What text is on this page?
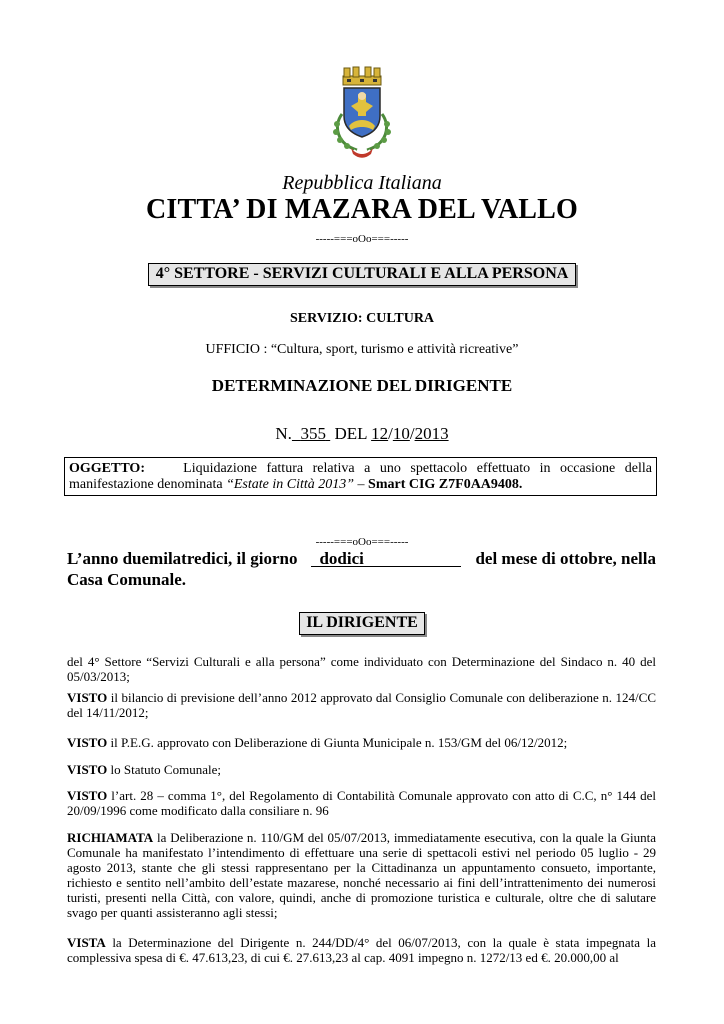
Repubblica Italiana
CITTA’ DI MAZARA DEL VALLO
-----===oOo===-----
4° SETTORE - SERVIZI CULTURALI E ALLA PERSONA
SERVIZIO: CULTURA
UFFICIO : “Cultura, sport, turismo e attività ricreative”
DETERMINAZIONE DEL DIRIGENTE
N. 355 DEL 12/10/2013
OGGETTO:	Liquidazione fattura relativa a uno spettacolo effettuato in occasione della manifestazione denominata “Estate in Città 2013” – Smart CIG Z7F0AA9408.
-----===oOo===-----
L’anno duemilatredici, il giorno	dodici	del mese di ottobre, nella
Casa Comunale.
IL DIRIGENTE
del 4° Settore “Servizi Culturali e alla persona” come individuato con Determinazione del Sindaco n. 40 del 05/03/2013;
VISTO il bilancio di previsione dell’anno 2012 approvato dal Consiglio Comunale con deliberazione n. 124/CC del 14/11/2012;
VISTO il P.E.G. approvato con Deliberazione di Giunta Municipale n. 153/GM del 06/12/2012;
VISTO lo Statuto Comunale;
VISTO l’art. 28 – comma 1°, del Regolamento di Contabilità Comunale approvato con atto di C.C, n° 144 del 20/09/1996 come modificato dalla consiliare n. 96
RICHIAMATA la Deliberazione n. 110/GM del 05/07/2013, immediatamente esecutiva, con la quale la Giunta Comunale ha manifestato l’intendimento di effettuare una serie di spettacoli estivi nel periodo 05 luglio - 29 agosto 2013, stante che gli stessi rappresentano per la Cittadinanza un appuntamento consueto, importante, richiesto e sentito nell’ambito dell’estate mazarese, nonché necessario ai fini dell’intrattenimento dei numerosi turisti, presenti nella Città, con valore, quindi, anche di promozione turistica e culturale, oltre che di salutare svago per quanti assisteranno agli stessi;
VISTA la Determinazione del Dirigente n. 244/DD/4° del 06/07/2013, con la quale è stata impegnata la complessiva spesa di €. 47.613,23, di cui €. 27.613,23 al cap. 4091 impegno n. 1272/13 ed €. 20.000,00 al
